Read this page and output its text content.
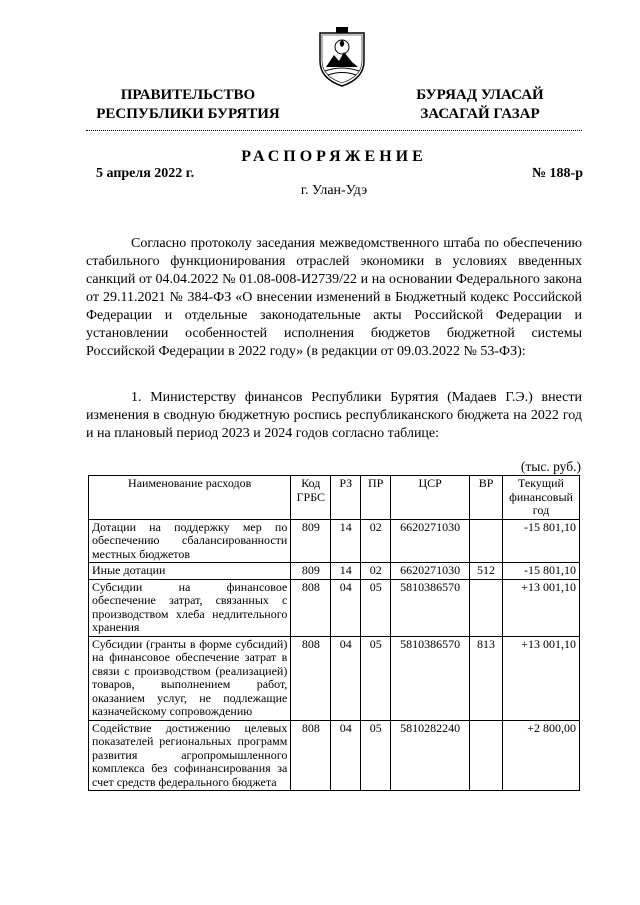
ПРАВИТЕЛЬСТВО
РЕСПУБЛИКИ БУРЯТИЯ
БУРЯАД УЛАСАЙ
ЗАСАГАЙ ГАЗАР
РАСПОРЯЖЕНИЕ
5 апреля 2022 г.	№ 188-р
г. Улан-Удэ
Согласно протоколу заседания межведомственного штаба по обеспечению стабильного функционирования отраслей экономики в условиях введенных санкций от 04.04.2022 № 01.08-008-И2739/22 и на основании Федерального закона от 29.11.2021 № 384-ФЗ «О внесении изменений в Бюджетный кодекс Российской Федерации и отдельные законодательные акты Российской Федерации и установлении особенностей исполнения бюджетов бюджетной системы Российской Федерации в 2022 году» (в редакции от 09.03.2022 № 53-ФЗ):
1. Министерству финансов Республики Бурятия (Мадаев Г.Э.) внести изменения в сводную бюджетную роспись республиканского бюджета на 2022 год и на плановый период 2023 и 2024 годов согласно таблице:
(тыс. руб.)
Наименование расходов	Код ГРБС	РЗ	ПР	ЦСР	ВР	Текущий финансовый год
Дотации на поддержку мер по обеспечению сбалансированности местных бюджетов	809	14	02	6620271030		-15 801,10
Иные дотации	809	14	02	6620271030	512	-15 801,10
Субсидии на финансовое обеспечение затрат, связанных с производством хлеба недлительного хранения	808	04	05	5810386570		+13 001,10
Субсидии (гранты в форме субсидий) на финансовое обеспечение затрат в связи с производством (реализацией) товаров, выполнением работ, оказанием услуг, не подлежащие казначейскому сопровождению	808	04	05	5810386570	813	+13 001,10
Содействие достижению целевых показателей региональных программ развития агропромышленного комплекса без софинансирования за счет средств федерального бюджета	808	04	05	5810282240		+2 800,00
